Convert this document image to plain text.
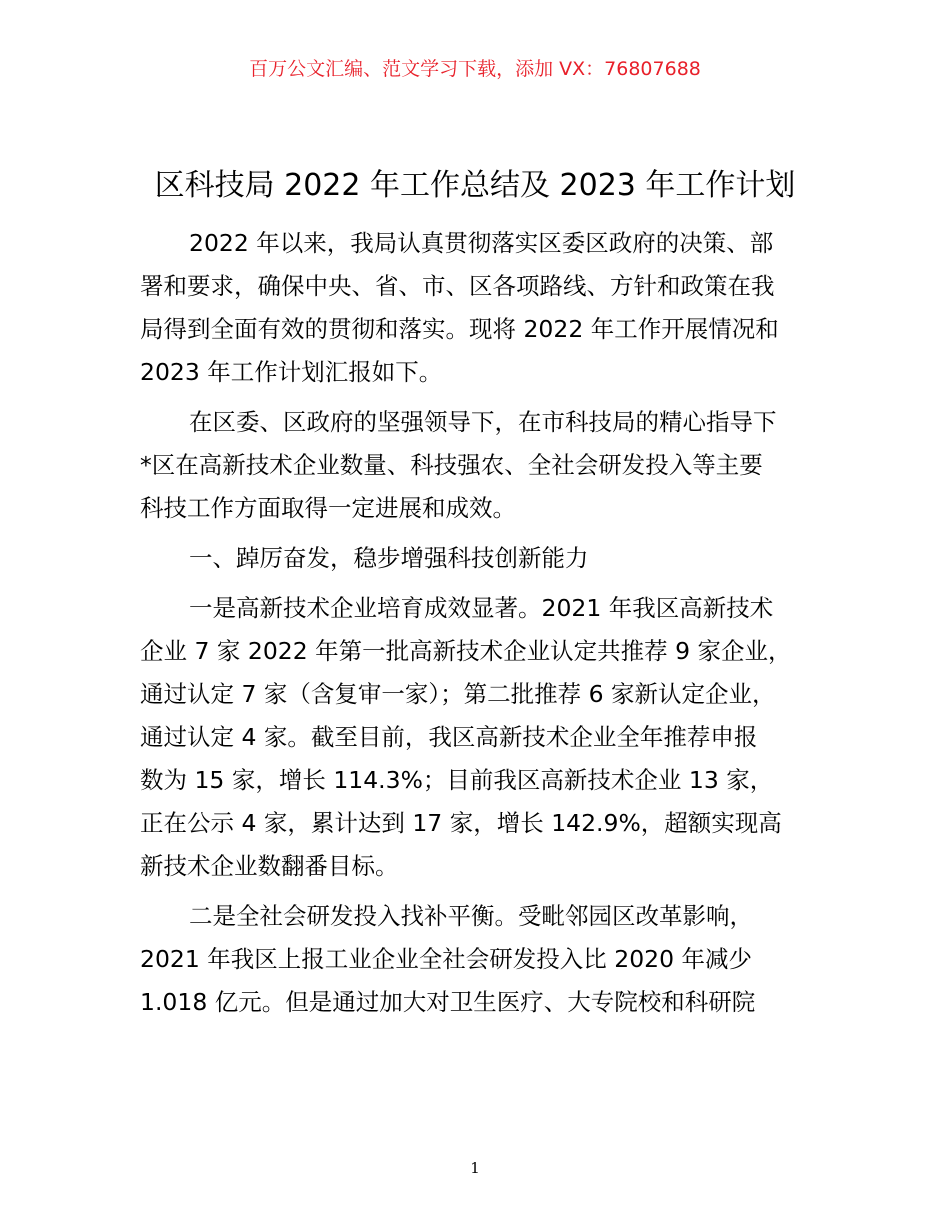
百万公文汇编、范文学习下载，添加 VX：76807688
区科技局 2022 年工作总结及 2023 年工作计划

2022 年以来，我局认真贯彻落实区委区政府的决策、部
署和要求，确保中央、省、市、区各项路线、方针和政策在我
局得到全面有效的贯彻和落实。现将 2022 年工作开展情况和
2023 年工作计划汇报如下。

在区委、区政府的坚强领导下，在市科技局的精心指导下
*区在高新技术企业数量、科技强农、全社会研发投入等主要
科技工作方面取得一定进展和成效。

一、踔厉奋发，稳步增强科技创新能力

一是高新技术企业培育成效显著。2021 年我区高新技术
企业 7 家 2022 年第一批高新技术企业认定共推荐 9 家企业，
通过认定 7 家（含复审一家）；第二批推荐 6 家新认定企业，
通过认定 4 家。截至目前，我区高新技术企业全年推荐申报
数为 15 家，增长 114.3%；目前我区高新技术企业 13 家，
正在公示 4 家，累计达到 17 家，增长 142.9%，超额实现高
新技术企业数翻番目标。

二是全社会研发投入找补平衡。受毗邻园区改革影响，
2021 年我区上报工业企业全社会研发投入比 2020 年减少
1.018 亿元。但是通过加大对卫生医疗、大专院校和科研院

1
